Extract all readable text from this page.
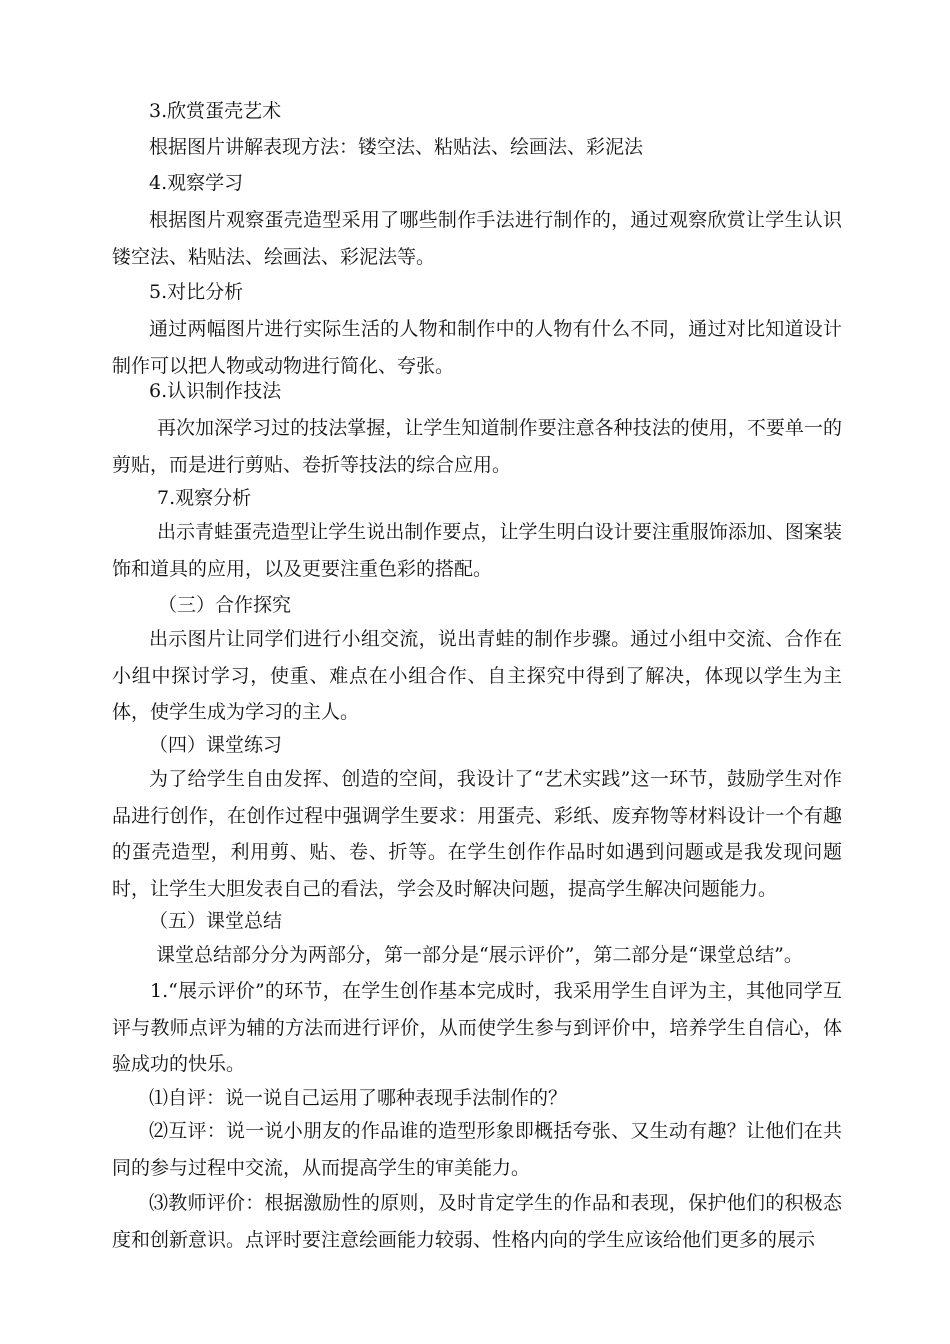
3.欣赏蛋壳艺术

根据图片讲解表现方法：镂空法、粘贴法、绘画法、彩泥法

4.观察学习

根据图片观察蛋壳造型采用了哪些制作手法进行制作的，通过观察欣赏让学生认识镂空法、粘贴法、绘画法、彩泥法等。

5.对比分析

通过两幅图片进行实际生活的人物和制作中的人物有什么不同，通过对比知道设计制作可以把人物或动物进行简化、夸张。

6.认识制作技法

再次加深学习过的技法掌握，让学生知道制作要注意各种技法的使用，不要单一的剪贴，而是进行剪贴、卷折等技法的综合应用。

7.观察分析

出示青蛙蛋壳造型让学生说出制作要点，让学生明白设计要注重服饰添加、图案装饰和道具的应用，以及更要注重色彩的搭配。

（三）合作探究

出示图片让同学们进行小组交流，说出青蛙的制作步骤。通过小组中交流、合作在小组中探讨学习，使重、难点在小组合作、自主探究中得到了解决，体现以学生为主体，使学生成为学习的主人。

（四）课堂练习

为了给学生自由发挥、创造的空间，我设计了“艺术实践”这一环节，鼓励学生对作品进行创作，在创作过程中强调学生要求：用蛋壳、彩纸、废弃物等材料设计一个有趣的蛋壳造型，利用剪、贴、卷、折等。在学生创作作品时如遇到问题或是我发现问题时，让学生大胆发表自己的看法，学会及时解决问题，提高学生解决问题能力。

（五）课堂总结

课堂总结部分分为两部分，第一部分是“展示评价”，第二部分是“课堂总结”。

1.“展示评价”的环节，在学生创作基本完成时，我采用学生自评为主，其他同学互评与教师点评为辅的方法而进行评价，从而使学生参与到评价中，培养学生自信心，体验成功的快乐。

⑴自评：说一说自己运用了哪种表现手法制作的？

⑵互评：说一说小朋友的作品谁的造型形象即概括夸张、又生动有趣？让他们在共同的参与过程中交流，从而提高学生的审美能力。

⑶教师评价：根据激励性的原则，及时肯定学生的作品和表现，保护他们的积极态度和创新意识。点评时要注意绘画能力较弱、性格内向的学生应该给他们更多的展示
